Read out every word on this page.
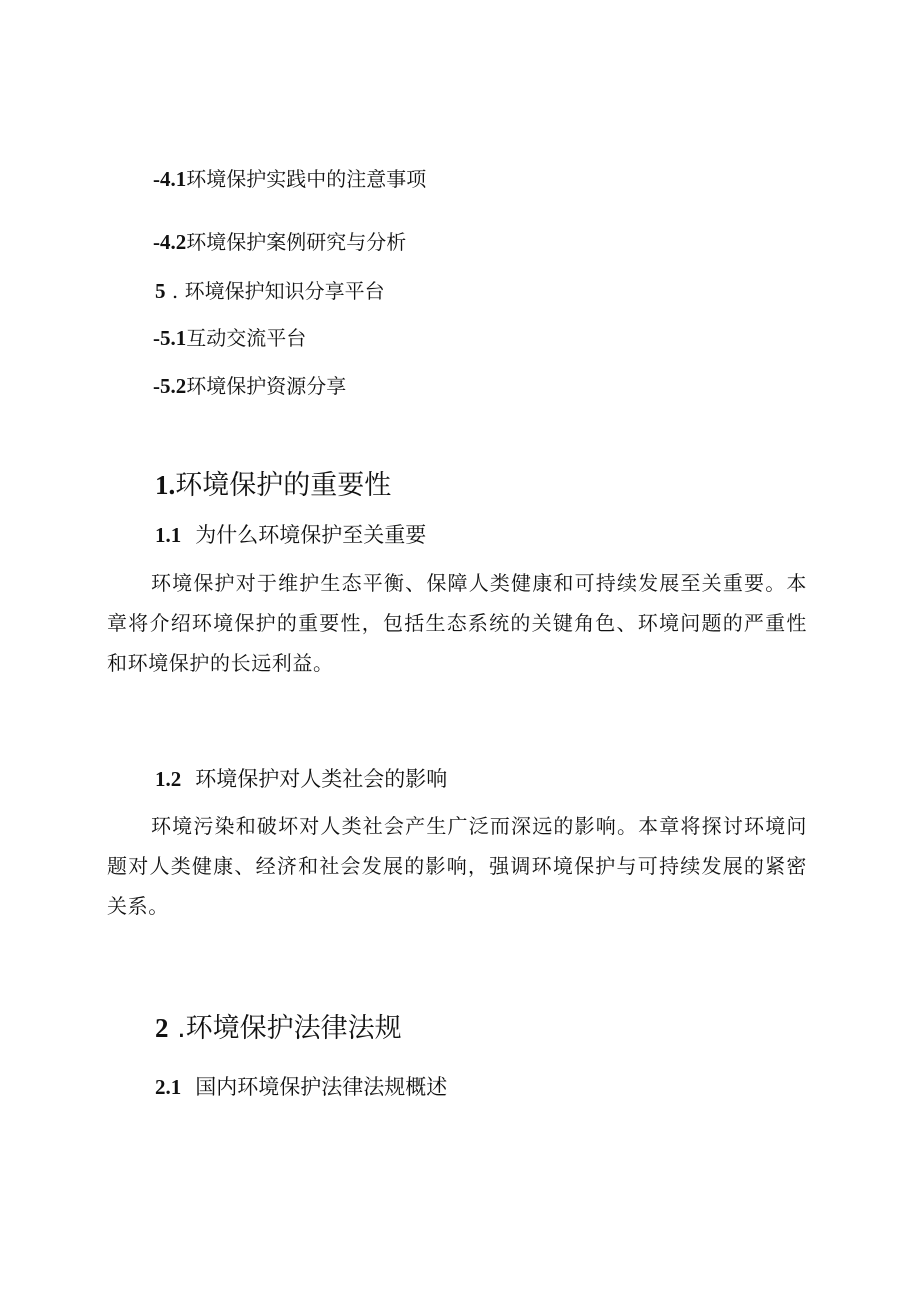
-4.1环境保护实践中的注意事项
-4.2环境保护案例研究与分析
5 . 环境保护知识分享平台
-5.1互动交流平台
-5.2环境保护资源分享
1.环境保护的重要性
1.1 为什么环境保护至关重要
环境保护对于维护生态平衡、保障人类健康和可持续发展至关重要。本章将介绍环境保护的重要性，包括生态系统的关键角色、环境问题的严重性和环境保护的长远利益。
1.2 环境保护对人类社会的影响
环境污染和破坏对人类社会产生广泛而深远的影响。本章将探讨环境问题对人类健康、经济和社会发展的影响，强调环境保护与可持续发展的紧密关系。
2 .环境保护法律法规
2.1 国内环境保护法律法规概述
